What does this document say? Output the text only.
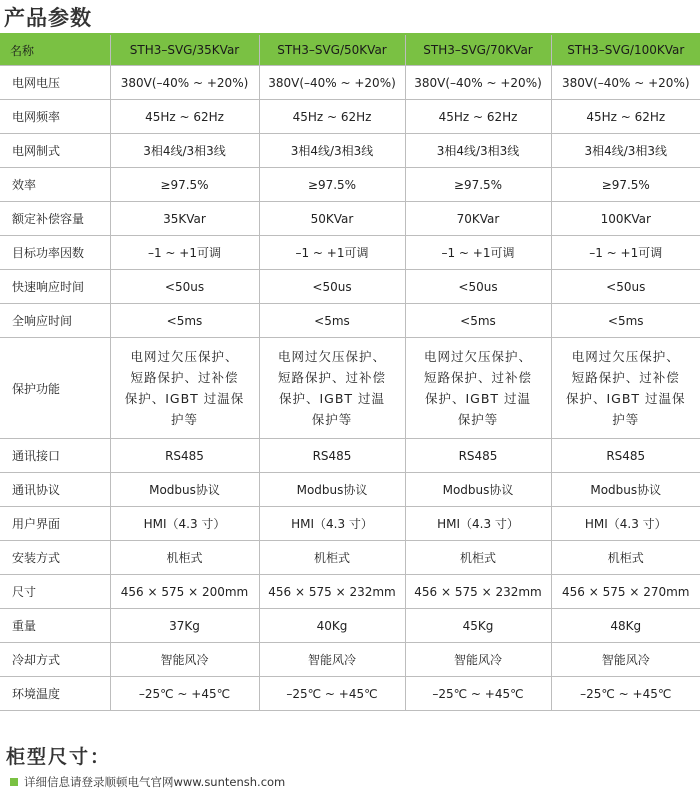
产品参数
名称	STH3–SVG/35KVar	STH3–SVG/50KVar	STH3–SVG/70KVar	STH3–SVG/100KVar
电网电压	380V(–40% ~ +20%)	380V(–40% ~ +20%)	380V(–40% ~ +20%)	380V(–40% ~ +20%)

电网频率	45Hz ~ 62Hz	45Hz ~ 62Hz	45Hz ~ 62Hz	45Hz ~ 62Hz

电网制式	3相4线/3相3线	3相4线/3相3线	3相4线/3相3线	3相4线/3相3线

效率	≥97.5%	≥97.5%	≥97.5%	≥97.5%

额定补偿容量	35KVar	50KVar	70KVar	100KVar

目标功率因数	–1 ~ +1可调	–1 ~ +1可调	–1 ~ +1可调	–1 ~ +1可调

快速响应时间	<50us	<50us	<50us	<50us

全响应时间	<5ms	<5ms	<5ms	<5ms

保护功能	电网过欠压保护、短路保护、过补偿保护、IGBT 过温保护等	电网过欠压保护、短路保护、过补偿保护、IGBT 过温保护等	电网过欠压保护、短路保护、过补偿保护、IGBT 过温保护等	电网过欠压保护、短路保护、过补偿保护、IGBT 过温保护等

通讯接口	RS485	RS485	RS485	RS485

通讯协议	Modbus协议	Modbus协议	Modbus协议	Modbus协议

用户界面	HMI（4.3 寸）	HMI（4.3 寸）	HMI（4.3 寸）	HMI（4.3 寸）

安装方式	机柜式	机柜式	机柜式	机柜式

尺寸	456 × 575 × 200mm	456 × 575 × 232mm	456 × 575 × 232mm	456 × 575 × 270mm

重量	37Kg	40Kg	45Kg	48Kg

冷却方式	智能风冷	智能风冷	智能风冷	智能风冷

环境温度	–25℃ ~ +45℃	–25℃ ~ +45℃	–25℃ ~ +45℃	–25℃ ~ +45℃
柜型尺寸：
详细信息请登录顺顿电气官网www.suntensh.com
